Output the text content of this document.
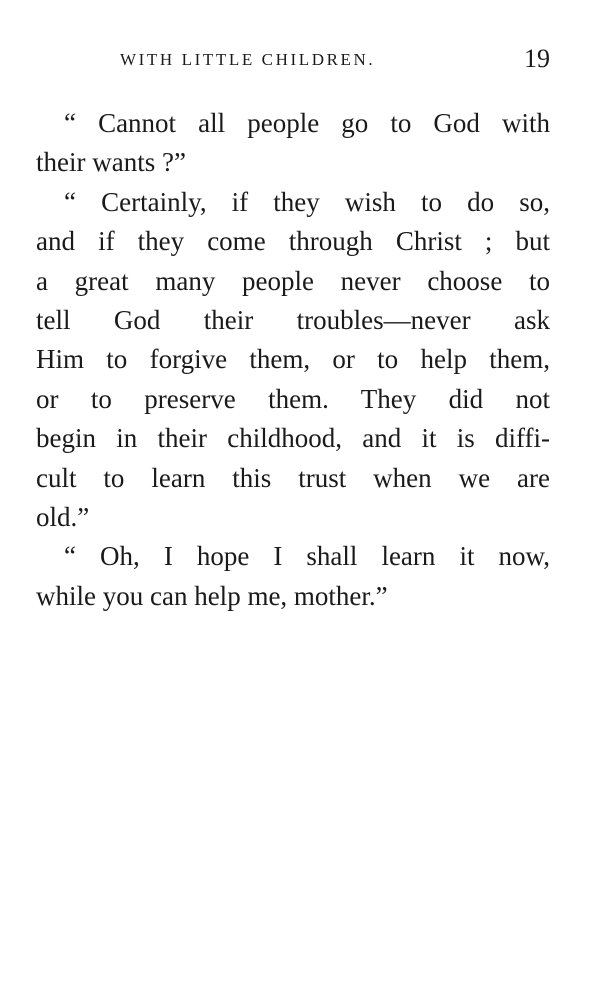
WITH LITTLE CHILDREN.	19
“ Cannot all people go to God with
their wants ?”
“ Certainly, if they wish to do so,
and if they come through Christ ; but
a great many people never choose to
tell God their troubles—never ask
Him to forgive them, or to help them,
or to preserve them. They did not
begin in their childhood, and it is diffi-
cult to learn this trust when we are
old.”
“ Oh, I hope I shall learn it now,
while you can help me, mother.”
